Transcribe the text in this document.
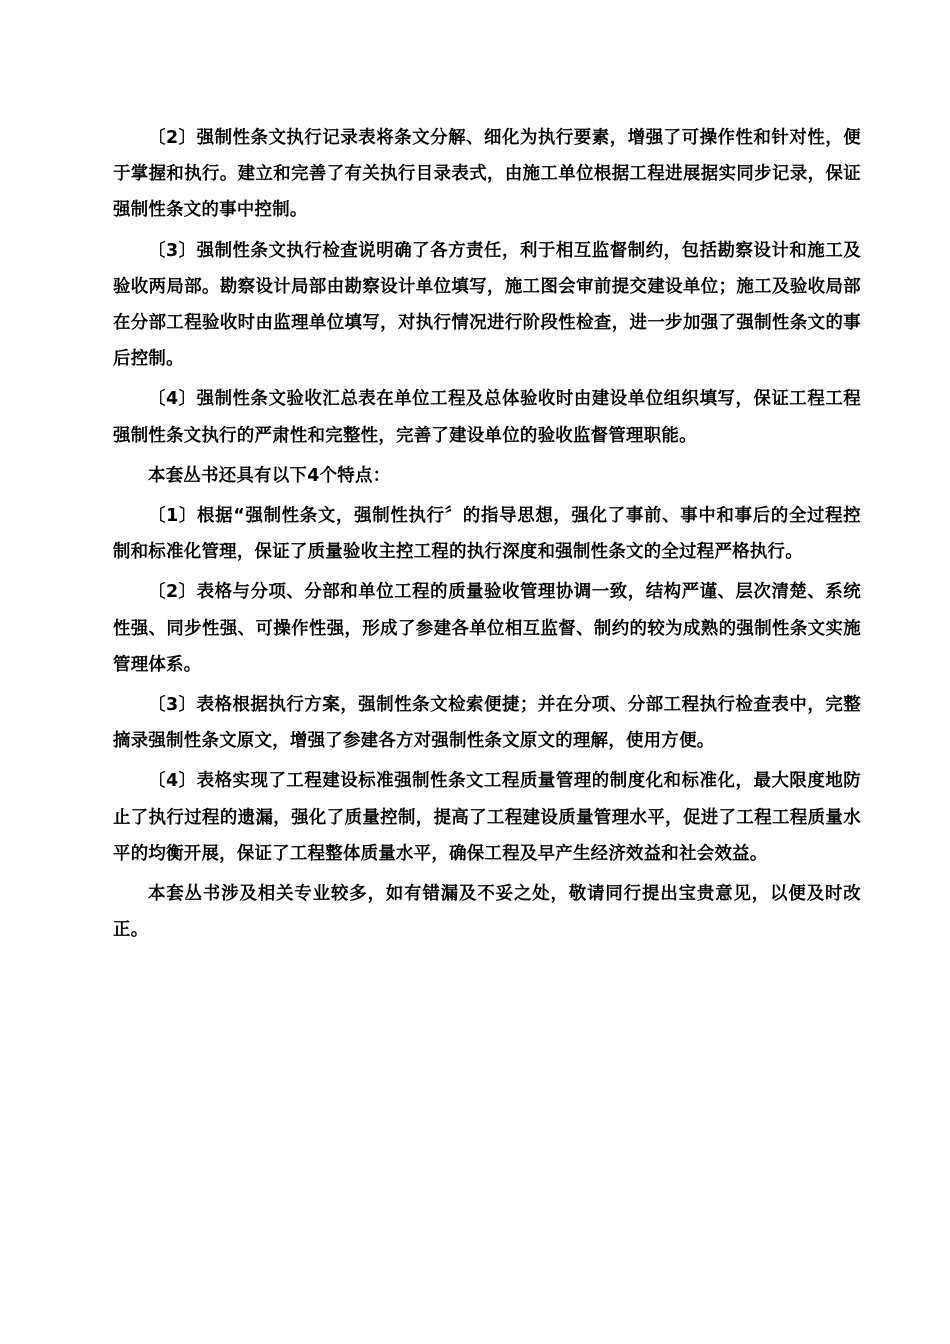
〔2〕强制性条文执行记录表将条文分解、细化为执行要素，增强了可操作性和针对性，便于掌握和执行。建立和完善了有关执行目录表式，由施工单位根据工程进展据实同步记录，保证强制性条文的事中控制。

〔3〕强制性条文执行检查说明确了各方责任，利于相互监督制约，包括勘察设计和施工及验收两局部。勘察设计局部由勘察设计单位填写，施工图会审前提交建设单位；施工及验收局部在分部工程验收时由监理单位填写，对执行情况进行阶段性检查，进一步加强了强制性条文的事后控制。

〔4〕强制性条文验收汇总表在单位工程及总体验收时由建设单位组织填写，保证工程工程强制性条文执行的严肃性和完整性，完善了建设单位的验收监督管理职能。

本套丛书还具有以下4个特点：

〔1〕根据“强制性条文，强制性执行〞的指导思想，强化了事前、事中和事后的全过程控制和标准化管理，保证了质量验收主控工程的执行深度和强制性条文的全过程严格执行。

〔2〕表格与分项、分部和单位工程的质量验收管理协调一致，结构严谨、层次清楚、系统性强、同步性强、可操作性强，形成了参建各单位相互监督、制约的较为成熟的强制性条文实施管理体系。

〔3〕表格根据执行方案，强制性条文检索便捷；并在分项、分部工程执行检查表中，完整摘录强制性条文原文，增强了参建各方对强制性条文原文的理解，使用方便。

〔4〕表格实现了工程建设标准强制性条文工程质量管理的制度化和标准化，最大限度地防止了执行过程的遗漏，强化了质量控制，提高了工程建设质量管理水平，促进了工程工程质量水平的均衡开展，保证了工程整体质量水平，确保工程及早产生经济效益和社会效益。

本套丛书涉及相关专业较多，如有错漏及不妥之处，敬请同行提出宝贵意见，以便及时改正。
